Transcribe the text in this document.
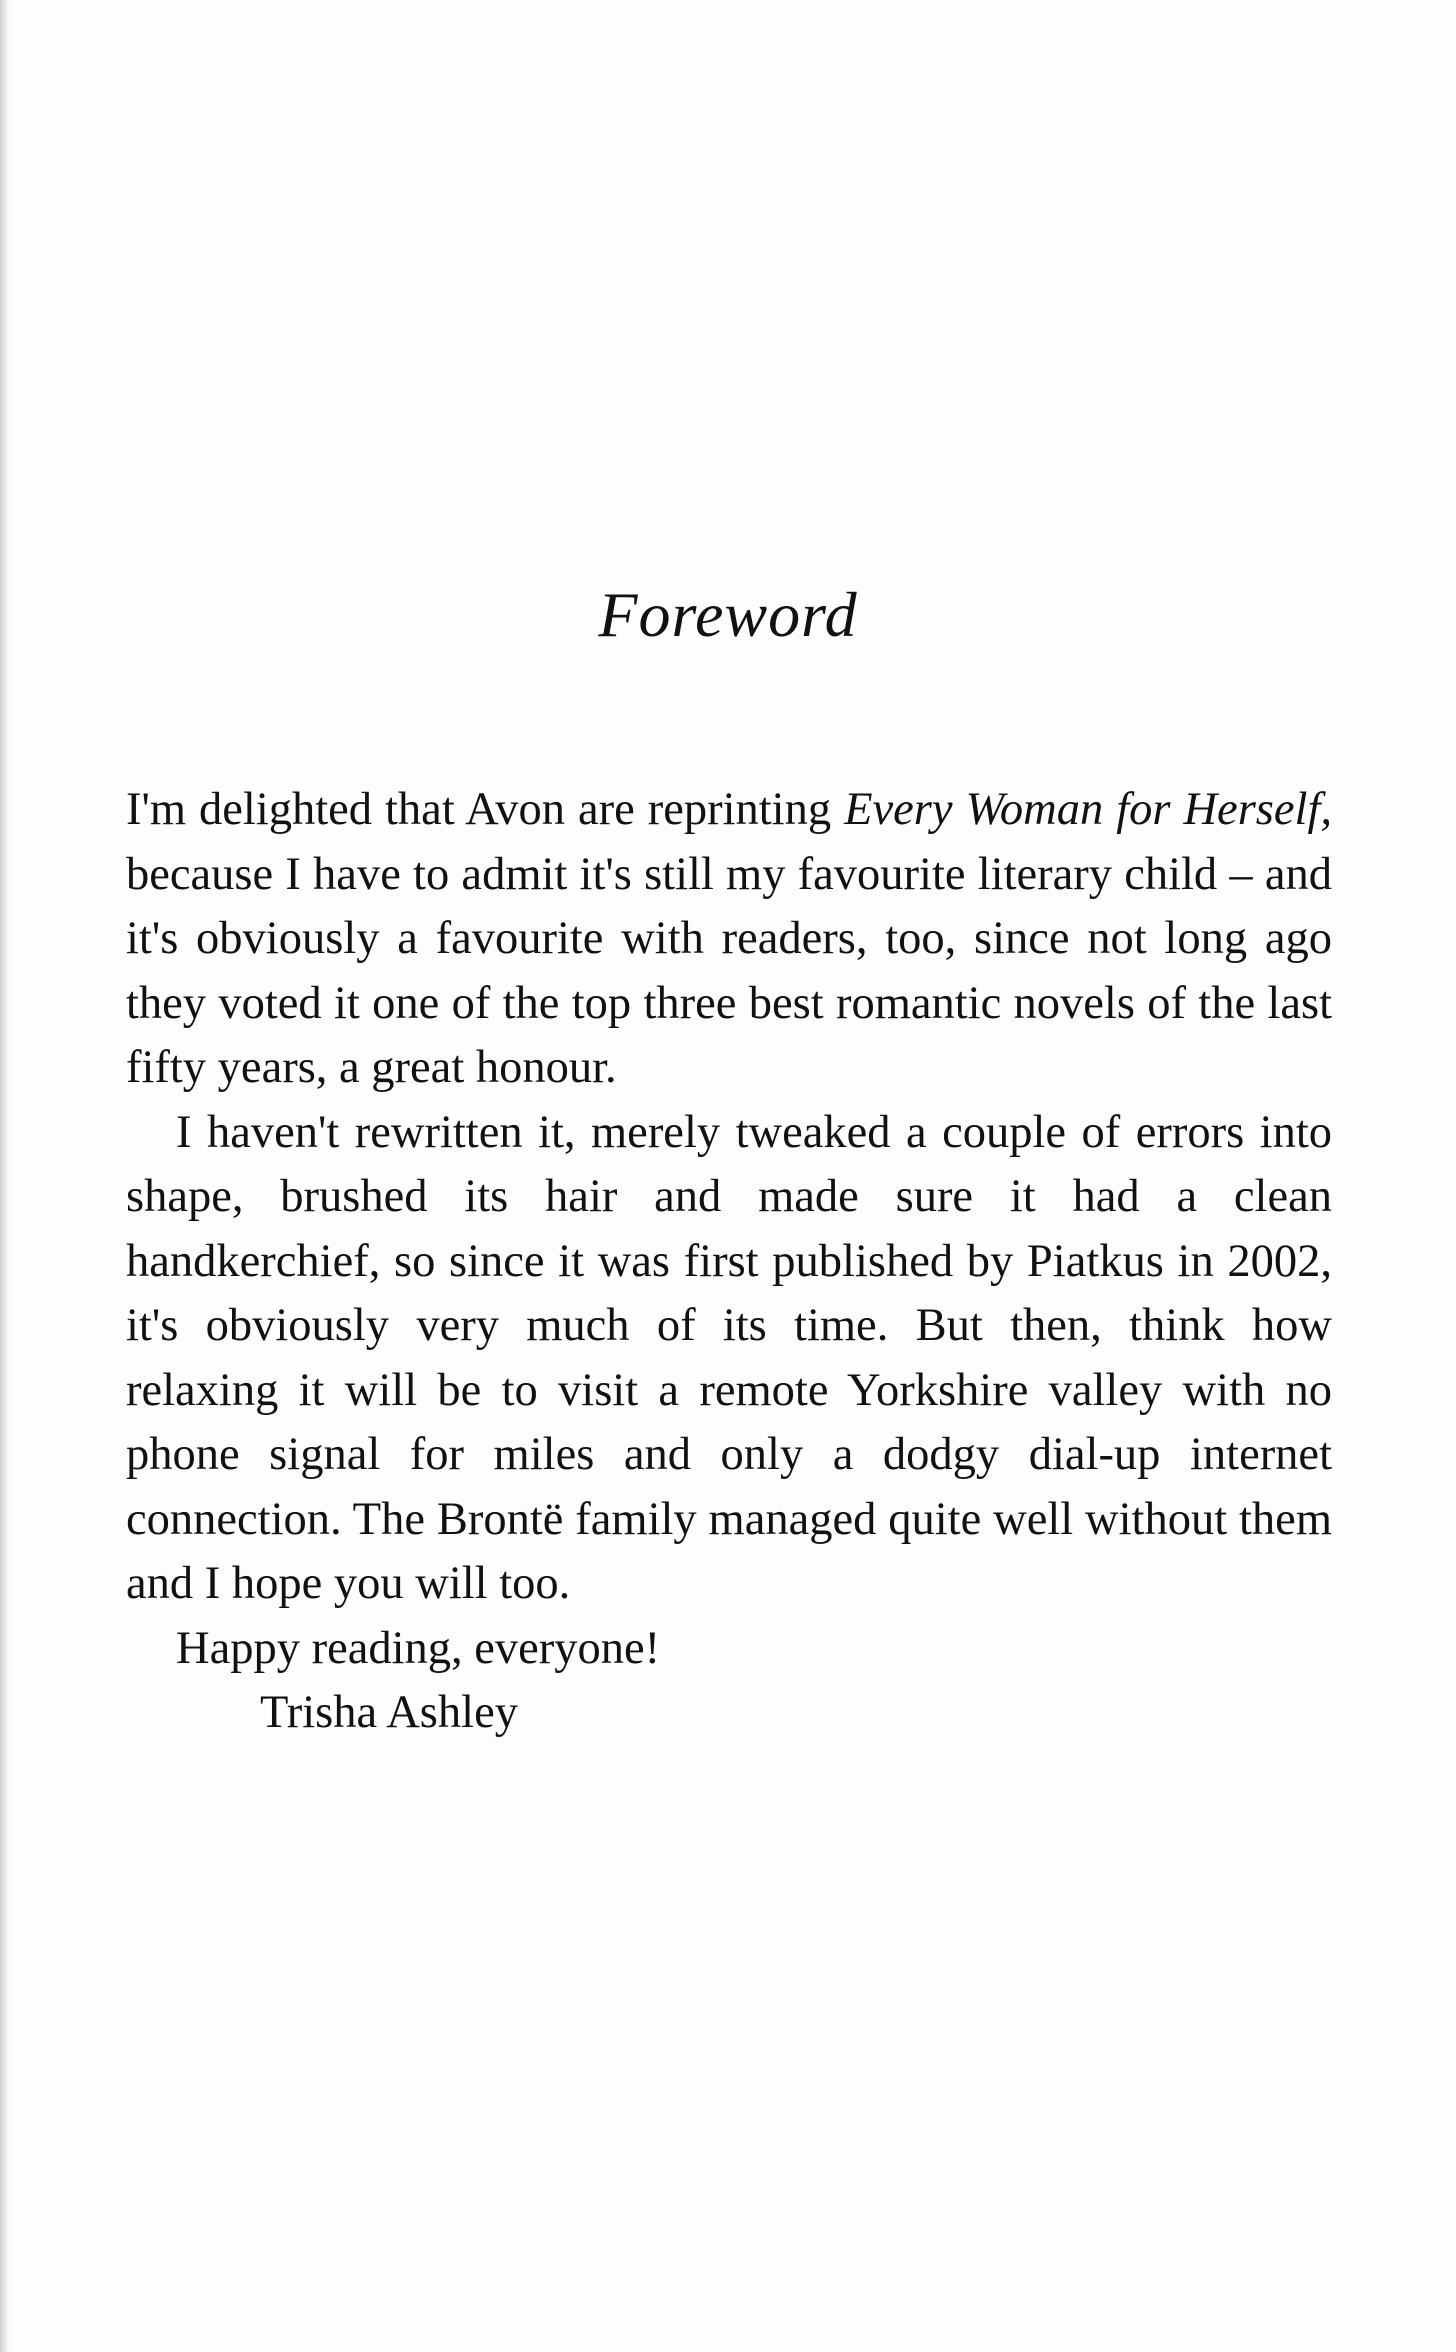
Foreword

I'm delighted that Avon are reprinting Every Woman for Herself, because I have to admit it's still my favourite literary child – and it's obviously a favourite with readers, too, since not long ago they voted it one of the top three best romantic novels of the last fifty years, a great honour.

I haven't rewritten it, merely tweaked a couple of errors into shape, brushed its hair and made sure it had a clean handkerchief, so since it was first published by Piatkus in 2002, it's obviously very much of its time. But then, think how relaxing it will be to visit a remote Yorkshire valley with no phone signal for miles and only a dodgy dial-up internet connection. The Brontë family managed quite well without them and I hope you will too.

Happy reading, everyone!

Trisha Ashley
